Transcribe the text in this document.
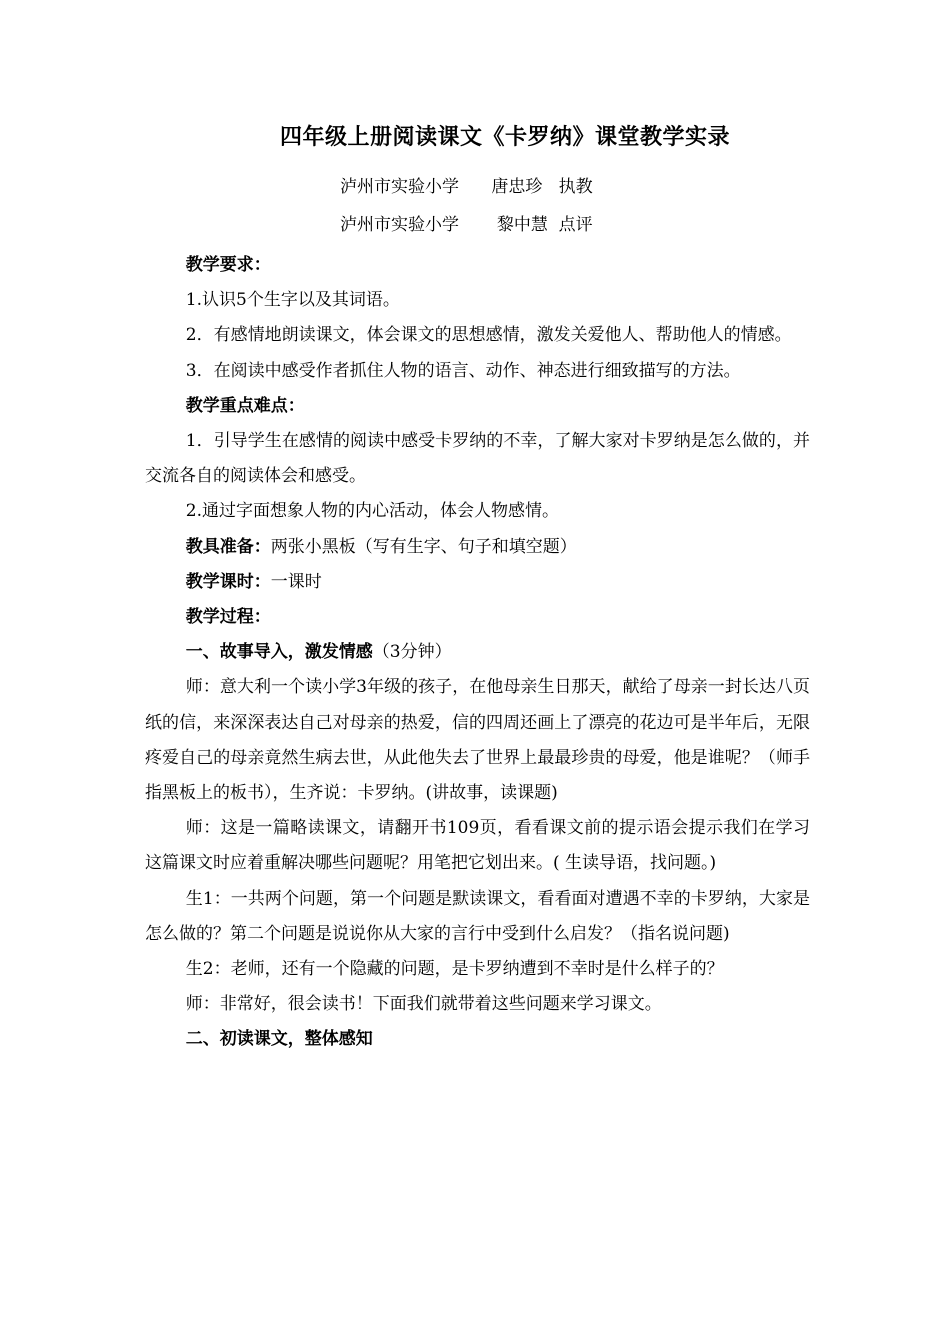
四年级上册阅读课文《卡罗纳》课堂教学实录
泸州市实验小学      唐忠珍   执教
泸州市实验小学       黎中慧  点评

教学要求：

1.认识5个生字以及其词语。

2．有感情地朗读课文，体会课文的思想感情，激发关爱他人、帮助他人的情感。

3．在阅读中感受作者抓住人物的语言、动作、神态进行细致描写的方法。

教学重点难点：

1．引导学生在感情的阅读中感受卡罗纳的不幸，了解大家对卡罗纳是怎么做的，并交流各自的阅读体会和感受。

2.通过字面想象人物的内心活动，体会人物感情。

教具准备：两张小黑板（写有生字、句子和填空题）

教学课时：一课时

教学过程：

一、故事导入，激发情感（3分钟）

师：意大利一个读小学3年级的孩子，在他母亲生日那天，献给了母亲一封长达八页纸的信，来深深表达自己对母亲的热爱，信的四周还画上了漂亮的花边可是半年后，无限疼爱自己的母亲竟然生病去世，从此他失去了世界上最最珍贵的母爱，他是谁呢？（师手指黑板上的板书），生齐说：卡罗纳。(讲故事，读课题)

师：这是一篇略读课文，请翻开书109页，看看课文前的提示语会提示我们在学习这篇课文时应着重解决哪些问题呢？用笔把它划出来。( 生读导语，找问题。)

生1：一共两个问题，第一个问题是默读课文，看看面对遭遇不幸的卡罗纳，大家是怎么做的？第二个问题是说说你从大家的言行中受到什么启发？（指名说问题)

生2：老师，还有一个隐藏的问题，是卡罗纳遭到不幸时是什么样子的？

师：非常好，很会读书！下面我们就带着这些问题来学习课文。

二、初读课文，整体感知
